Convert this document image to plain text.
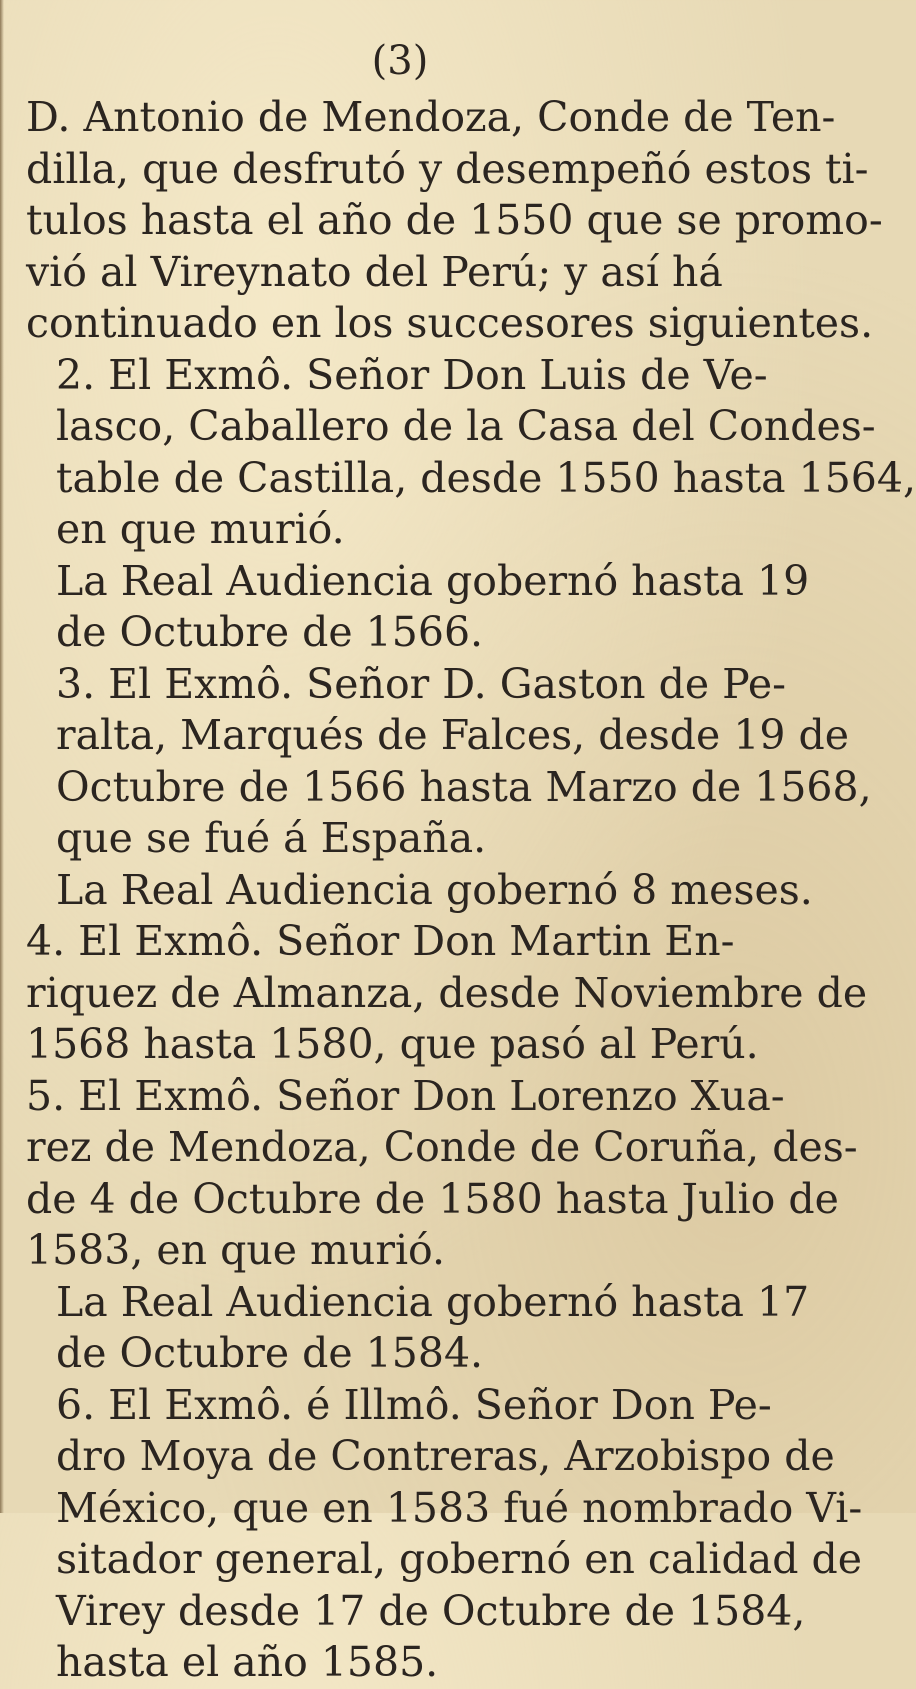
(3)

D. Antonio de Mendoza, Conde de Ten-
dilla, que desfrutó y desempeñó estos ti-
tulos hasta el año de 1550 que se promo-
vió al Vireynato del Perú; y así há
continuado en los succesores siguientes.

2. El Exmô. Señor Don Luis de Ve-
lasco, Caballero de la Casa del Condes-
table de Castilla, desde 1550 hasta 1564,
en que murió.

La Real Audiencia gobernó hasta 19
de Octubre de 1566.

3. El Exmô. Señor D. Gaston de Pe-
ralta, Marqués de Falces, desde 19 de
Octubre de 1566 hasta Marzo de 1568,
que se fué á España.

La Real Audiencia gobernó 8 meses.

4. El Exmô. Señor Don Martin En-
riquez de Almanza, desde Noviembre de
1568 hasta 1580, que pasó al Perú.

5. El Exmô. Señor Don Lorenzo Xua-
rez de Mendoza, Conde de Coruña, des-
de 4 de Octubre de 1580 hasta Julio de
1583, en que murió.

La Real Audiencia gobernó hasta 17
de Octubre de 1584.

6. El Exmô. é Illmô. Señor Don Pe-
dro Moya de Contreras, Arzobispo de
México, que en 1583 fué nombrado Vi-
sitador general, gobernó en calidad de
Virey desde 17 de Octubre de 1584,
hasta el año 1585.
